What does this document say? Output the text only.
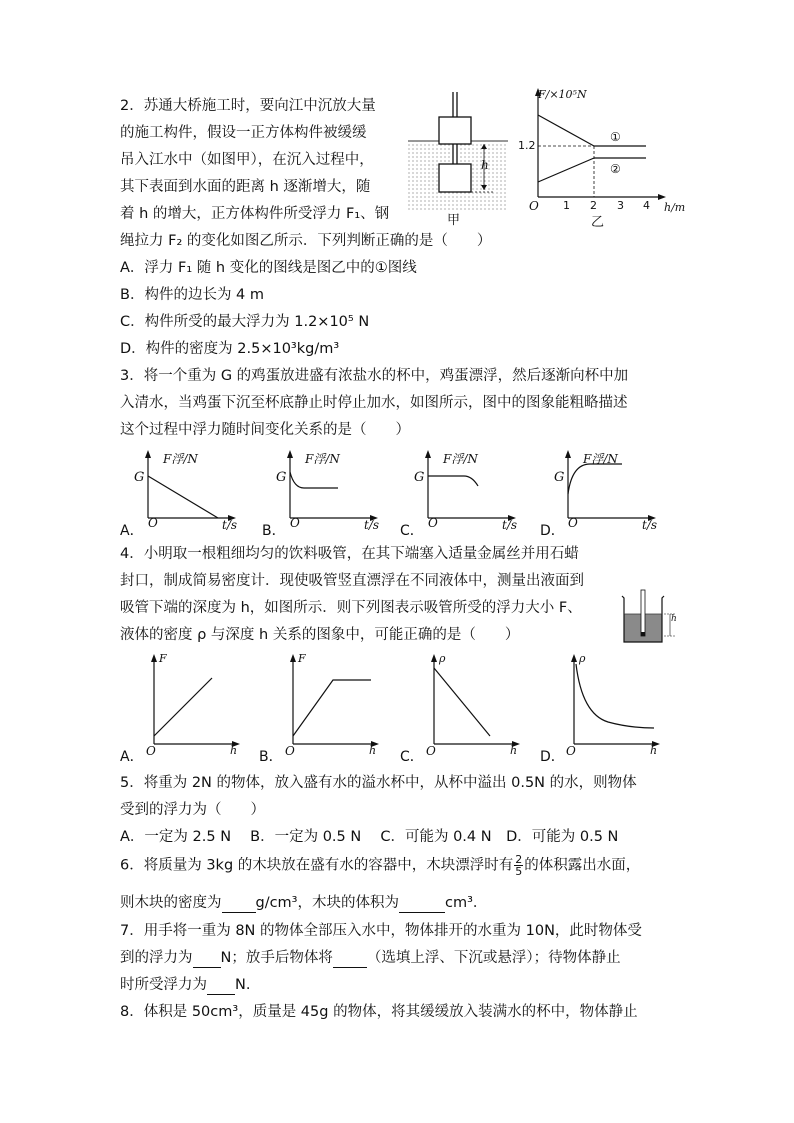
2．苏通大桥施工时，要向江中沉放大量
的施工构件，假设一正方体构件被缓缓
吊入江水中（如图甲），在沉入过程中，
其下表面到水面的距离 h 逐渐增大，随
着 h 的增大，正方体构件所受浮力 F₁、钢
绳拉力 F₂ 的变化如图乙所示．下列判断正确的是（　　）
A．浮力 F₁ 随 h 变化的图线是图乙中的①图线
B．构件的边长为 4 m
C．构件所受的最大浮力为 1.2×10⁵ N
D．构件的密度为 2.5×10³kg/m³
h
甲
F/×10⁵N
h/m
O
1.2
1 2 3 4
①
②
乙
3．将一个重为 G 的鸡蛋放进盛有浓盐水的杯中，鸡蛋漂浮，然后逐渐向杯中加
入清水，当鸡蛋下沉至杯底静止时停止加水，如图所示，图中的图象能粗略描述
这个过程中浮力随时间变化关系的是（　　）
A．
F浮/N
t/s
O
G
B．
F浮/N
t/s
O
G
C．
F浮/N
t/s
O
G
D．
F浮/N
t/s
O
G
4．小明取一根粗细均匀的饮料吸管，在其下端塞入适量金属丝并用石蜡
封口，制成简易密度计．现使吸管竖直漂浮在不同液体中，测量出液面到
吸管下端的深度为 h，如图所示．则下列图表示吸管所受的浮力大小 F、
液体的密度 ρ 与深度 h 关系的图象中，可能正确的是（　　）
h
A．
F
h
O	B．
F
h
O	C．
ρ
h
O	D．
ρ
h
O
5．将重为 2N 的物体，放入盛有水的溢水杯中，从杯中溢出 0.5N 的水，则物体
受到的浮力为（　　）
A．一定为 2.5 N　 B．一定为 0.5 N　 C．可能为 0.4 N　D．可能为 0.5 N
6．将质量为 3kg 的木块放在盛有水的容器中，木块漂浮时有 $\frac{2}{5}$ 的体积露出水面，
则木块的密度为 g/cm³，木块的体积为	cm³．
7．用手将一重为 8N 的物体全部压入水中，物体排开的水重为 10N，此时物体受
到的浮力为 N；放手后物体将 （选填上浮、下沉或悬浮）；待物体静止
时所受浮力为 N.
8．体积是 50cm³，质量是 45g 的物体，将其缓缓放入装满水的杯中，物体静止
